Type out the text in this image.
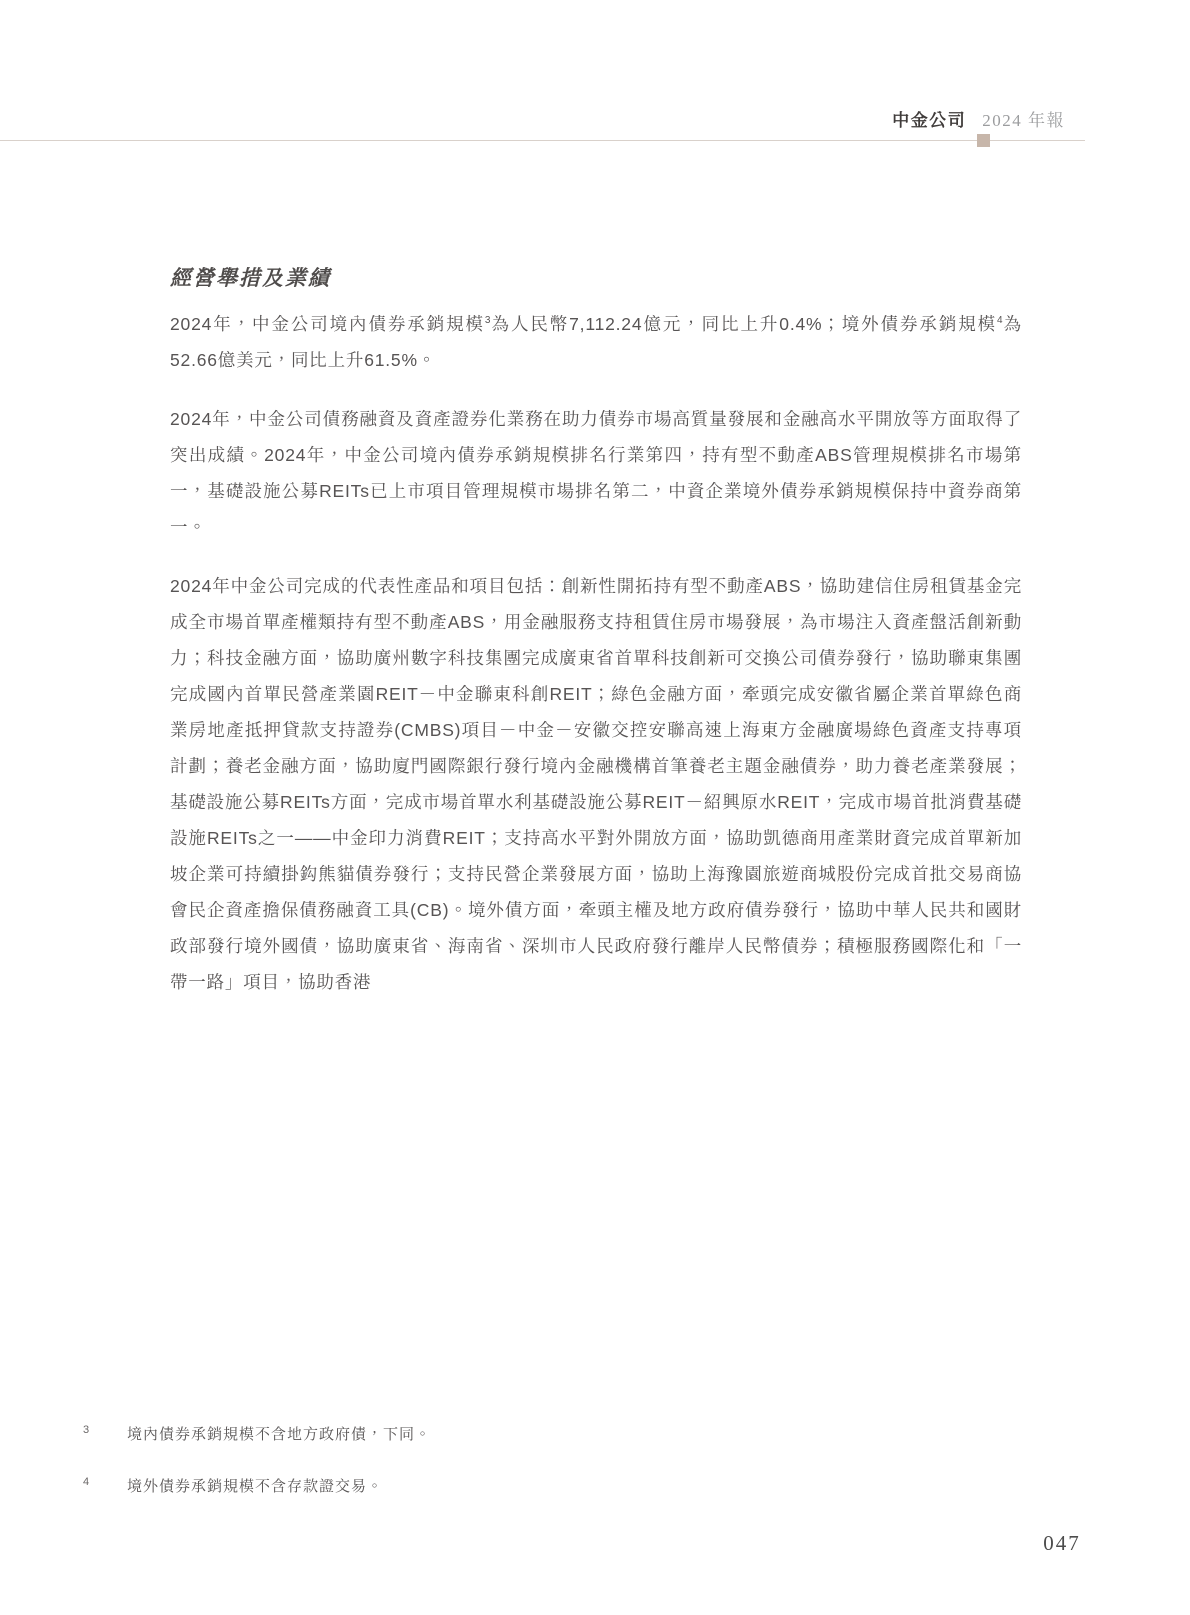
中金公司 2024 年報
經營舉措及業績

2024年，中金公司境內債券承銷規模$^3$為人民幣7,112.24億元，同比上升0.4%；境外債券承銷規模$^4$為52.66億美元，同比上升61.5%。

2024年，中金公司債務融資及資產證券化業務在助力債券市場高質量發展和金融高水平開放等方面取得了突出成績。2024年，中金公司境內債券承銷規模排名行業第四，持有型不動產ABS管理規模排名市場第一，基礎設施公募REITs已上市項目管理規模市場排名第二，中資企業境外債券承銷規模保持中資券商第一。

2024年中金公司完成的代表性產品和項目包括：創新性開拓持有型不動產ABS，協助建信住房租賃基金完成全市場首單產權類持有型不動產ABS，用金融服務支持租賃住房市場發展，為市場注入資產盤活創新動力；科技金融方面，協助廣州數字科技集團完成廣東省首單科技創新可交換公司債券發行，協助聯東集團完成國內首單民營產業園REIT－中金聯東科創REIT；綠色金融方面，牽頭完成安徽省屬企業首單綠色商業房地產抵押貸款支持證券(CMBS)項目－中金－安徽交控安聯高速上海東方金融廣場綠色資產支持專項計劃；養老金融方面，協助廈門國際銀行發行境內金融機構首筆養老主題金融債券，助力養老產業發展；基礎設施公募REITs方面，完成市場首單水利基礎設施公募REIT－紹興原水REIT，完成市場首批消費基礎設施REITs之一——中金印力消費REIT；支持高水平對外開放方面，協助凱德商用產業財資完成首單新加坡企業可持續掛鈎熊貓債券發行；支持民營企業發展方面，協助上海豫園旅遊商城股份完成首批交易商協會民企資產擔保債務融資工具(CB)。境外債方面，牽頭主權及地方政府債券發行，協助中華人民共和國財政部發行境外國債，協助廣東省、海南省、深圳市人民政府發行離岸人民幣債券；積極服務國際化和「一帶一路」項目，協助香港

3	境內債券承銷規模不含地方政府債，下同。
4	境外債券承銷規模不含存款證交易。
047
